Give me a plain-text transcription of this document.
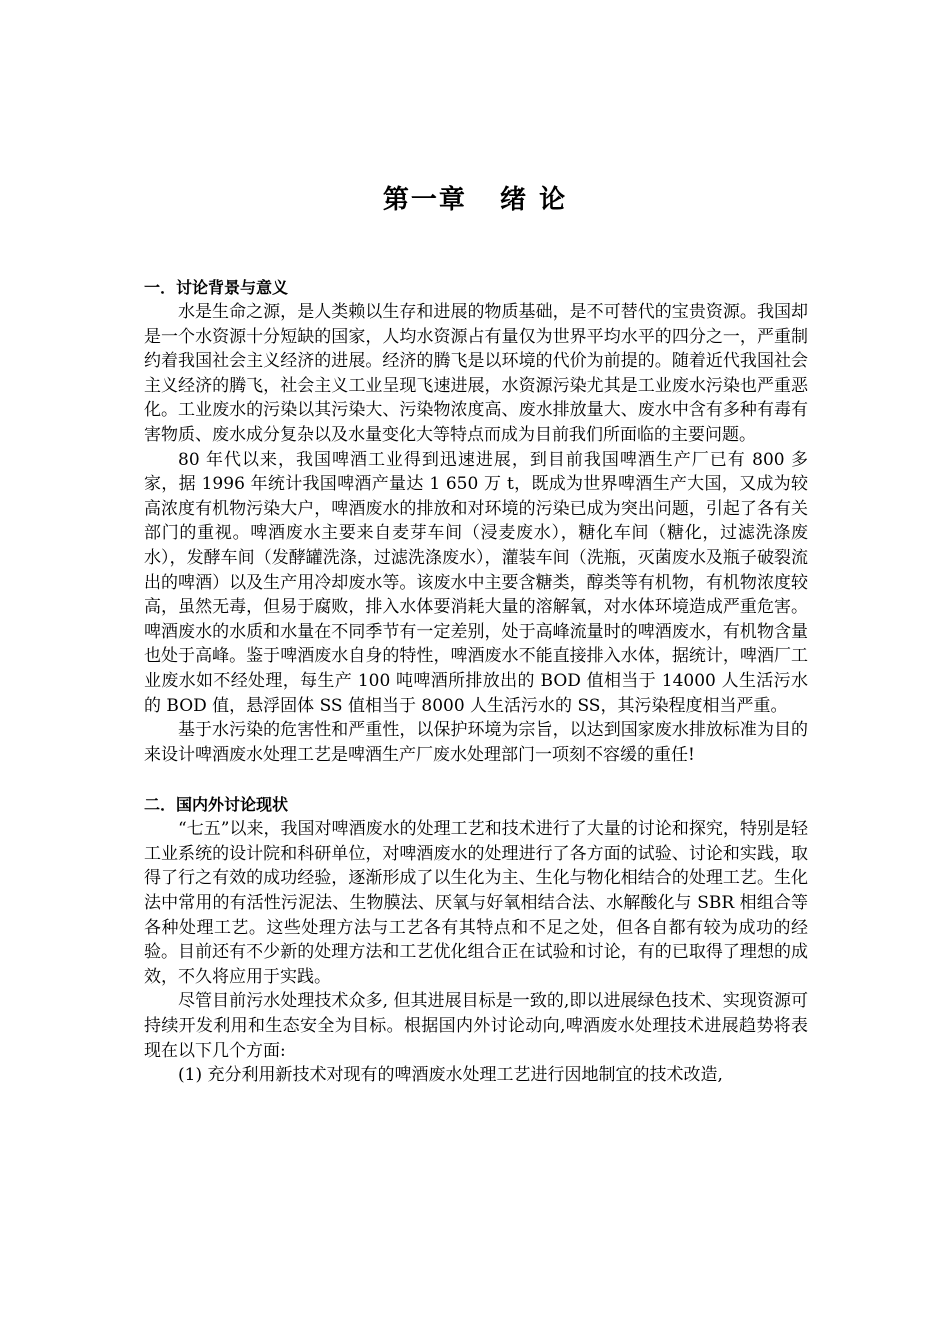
第一章   绪 论
一．讨论背景与意义

水是生命之源，是人类赖以生存和进展的物质基础，是不可替代的宝贵资源。我国却是一个水资源十分短缺的国家，人均水资源占有量仅为世界平均水平的四分之一，严重制约着我国社会主义经济的进展。经济的腾飞是以环境的代价为前提的。随着近代我国社会主义经济的腾飞，社会主义工业呈现飞速进展，水资源污染尤其是工业废水污染也严重恶化。工业废水的污染以其污染大、污染物浓度高、废水排放量大、废水中含有多种有毒有害物质、废水成分复杂以及水量变化大等特点而成为目前我们所面临的主要问题。

80 年代以来，我国啤酒工业得到迅速进展，到目前我国啤酒生产厂已有 800 多家，据 1996 年统计我国啤酒产量达 1 650 万 t，既成为世界啤酒生产大国，又成为较高浓度有机物污染大户，啤酒废水的排放和对环境的污染已成为突出问题，引起了各有关部门的重视。啤酒废水主要来自麦芽车间（浸麦废水），糖化车间（糖化，过滤洗涤废水），发酵车间（发酵罐洗涤，过滤洗涤废水），灌装车间（洗瓶，灭菌废水及瓶子破裂流出的啤酒）以及生产用冷却废水等。该废水中主要含糖类，醇类等有机物，有机物浓度较高，虽然无毒，但易于腐败，排入水体要消耗大量的溶解氧，对水体环境造成严重危害。啤酒废水的水质和水量在不同季节有一定差别，处于高峰流量时的啤酒废水，有机物含量也处于高峰。鉴于啤酒废水自身的特性，啤酒废水不能直接排入水体，据统计，啤酒厂工业废水如不经处理，每生产 100 吨啤酒所排放出的 BOD 值相当于 14000 人生活污水的 BOD 值，悬浮固体 SS 值相当于 8000 人生活污水的 SS，其污染程度相当严重。

基于水污染的危害性和严重性，以保护环境为宗旨，以达到国家废水排放标准为目的来设计啤酒废水处理工艺是啤酒生产厂废水处理部门一项刻不容缓的重任!

二．国内外讨论现状

“七五”以来，我国对啤酒废水的处理工艺和技术进行了大量的讨论和探究，特别是轻工业系统的设计院和科研单位，对啤酒废水的处理进行了各方面的试验、讨论和实践，取得了行之有效的成功经验，逐渐形成了以生化为主、生化与物化相结合的处理工艺。生化法中常用的有活性污泥法、生物膜法、厌氧与好氧相结合法、水解酸化与 SBR 相组合等各种处理工艺。这些处理方法与工艺各有其特点和不足之处，但各自都有较为成功的经验。目前还有不少新的处理方法和工艺优化组合正在试验和讨论，有的已取得了理想的成效，不久将应用于实践。

尽管目前污水处理技术众多, 但其进展目标是一致的,即以进展绿色技术、实现资源可持续开发利用和生态安全为目标。根据国内外讨论动向,啤酒废水处理技术进展趋势将表现在以下几个方面:

(1) 充分利用新技术对现有的啤酒废水处理工艺进行因地制宜的技术改造,
